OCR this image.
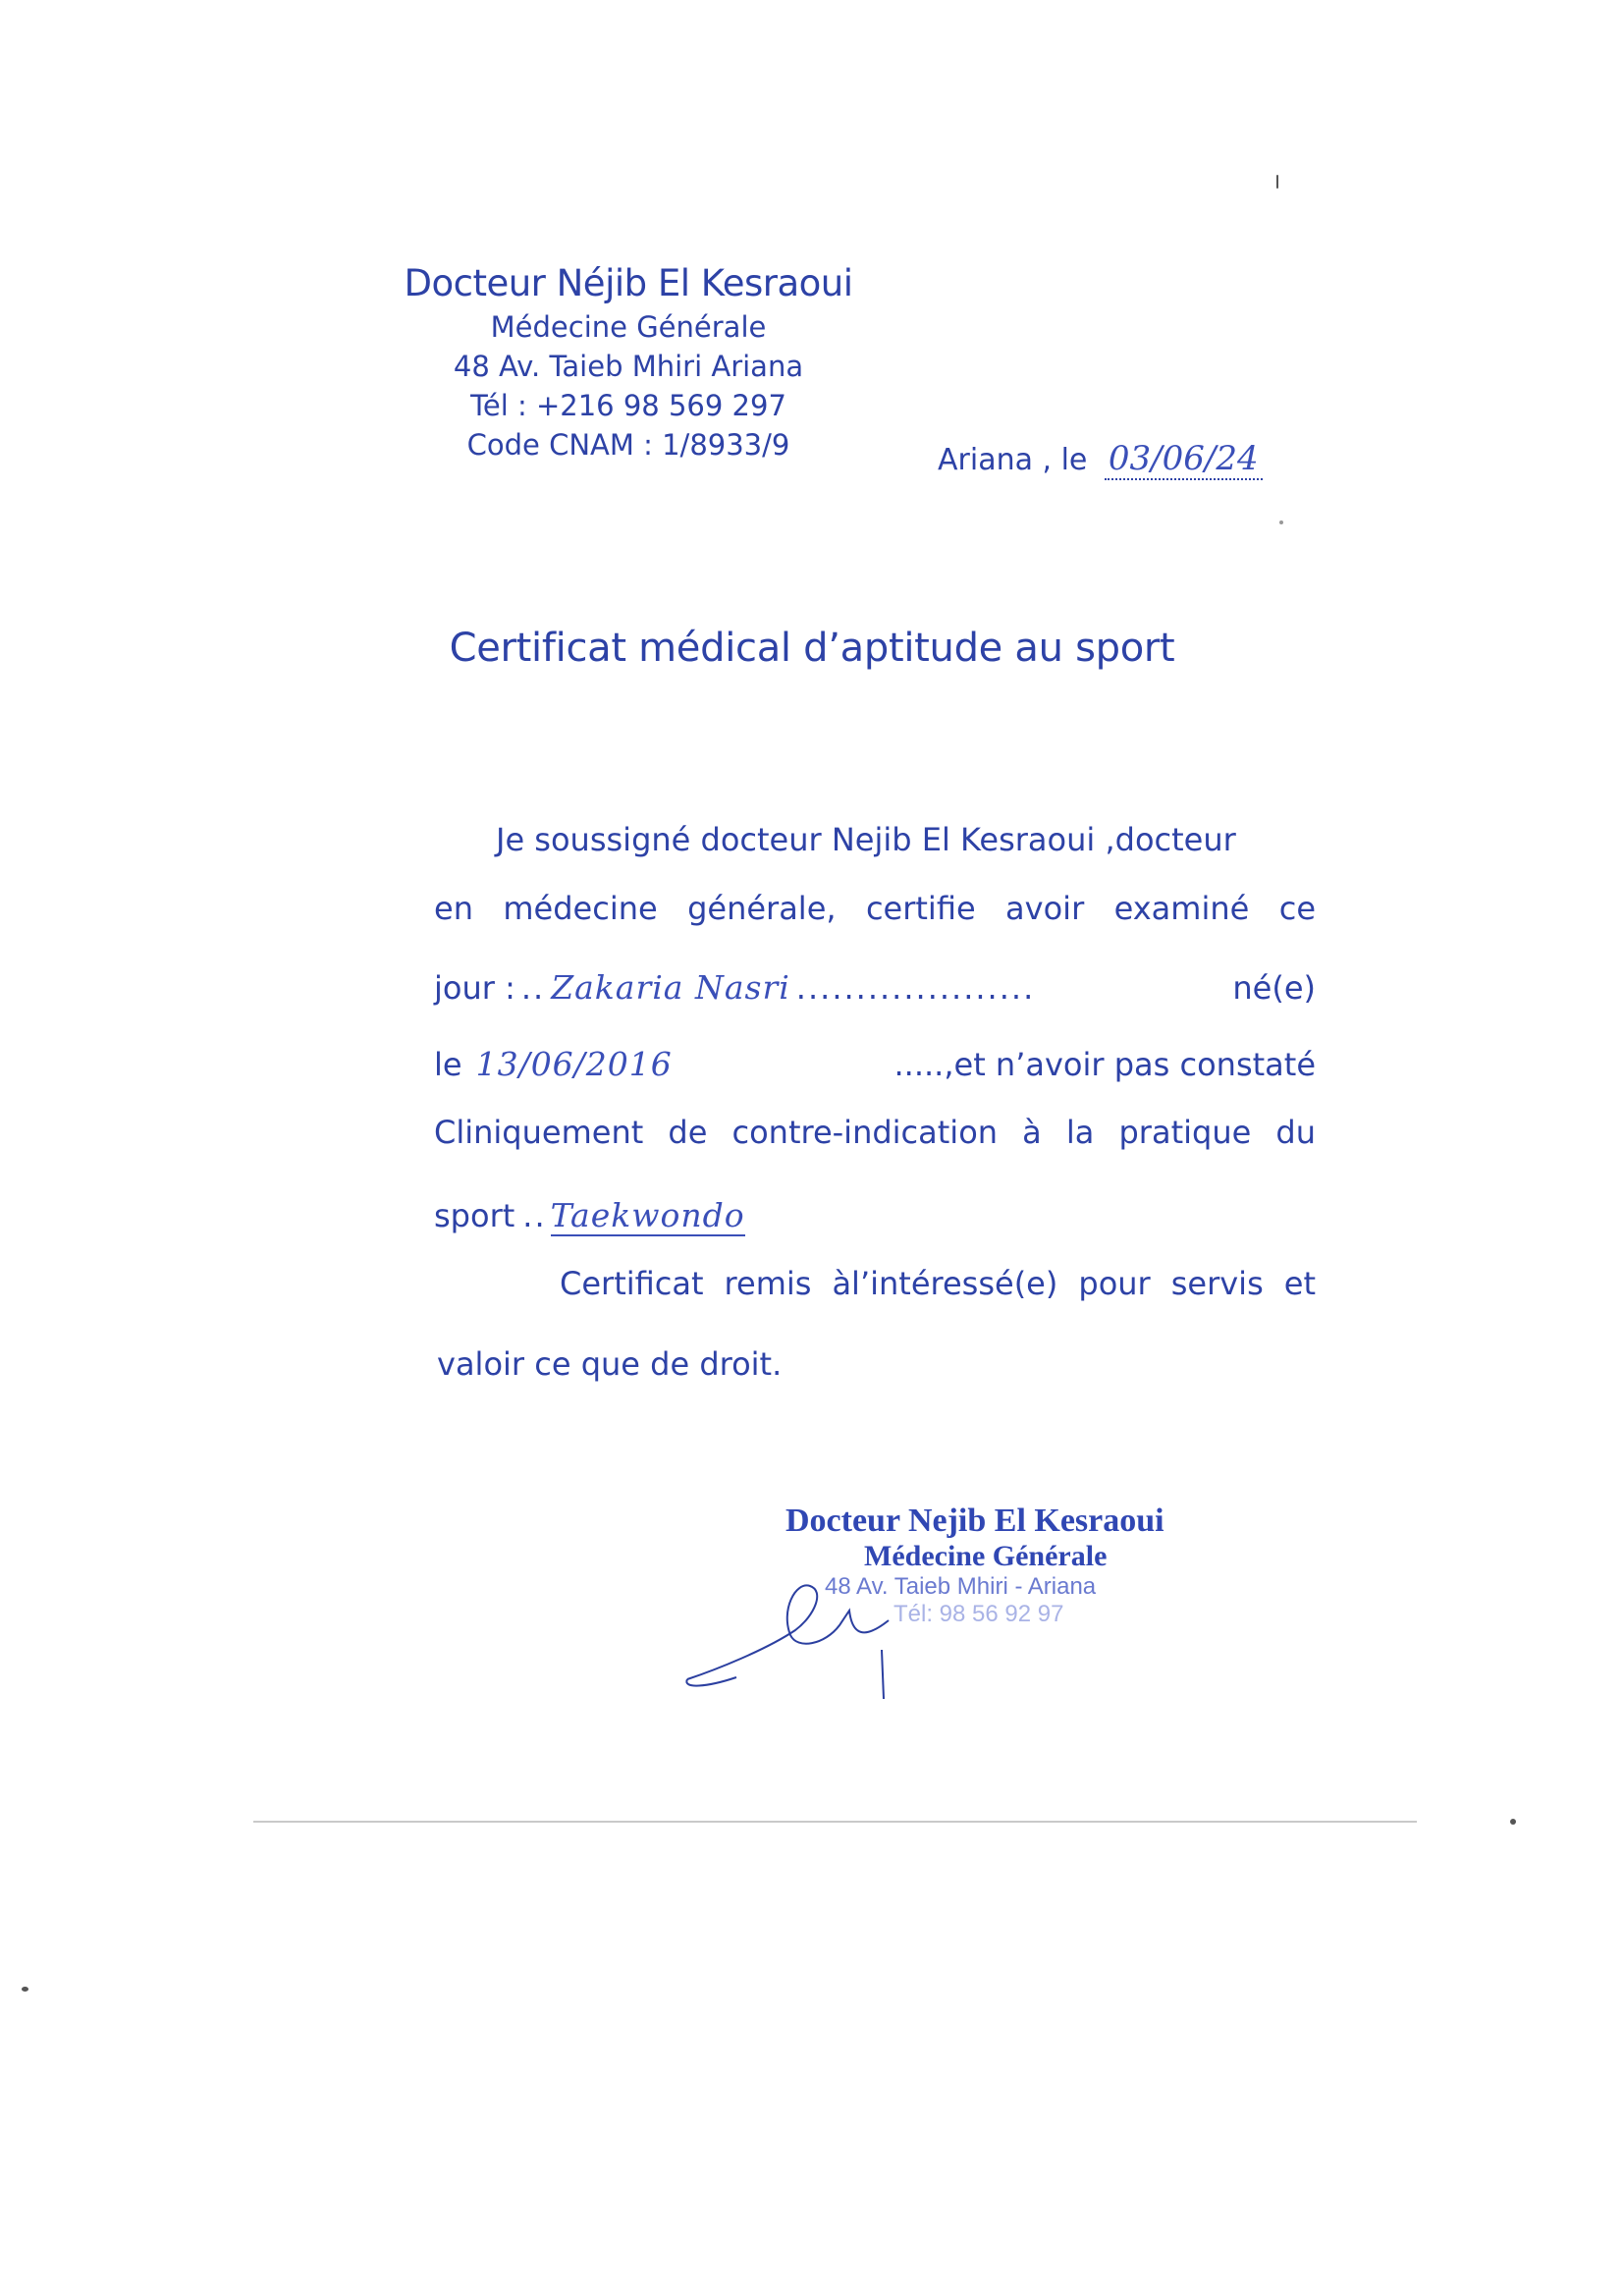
Docteur Néjib El Kesraoui
Médecine Générale
48 Av. Taieb Mhiri Ariana
Tél : +216 98 569 297
Code CNAM : 1/8933/9	Ariana , le 03/06/24
Certificat médical d’aptitude au sport
Je soussigné docteur Nejib El Kesraoui ,docteur
en médecine générale, certifie avoir examiné ce
jour : .. Zakaria Nasri ....................	né(e)
le 13/06/2016	.....,et n’avoir pas constaté
Cliniquement de contre-indication à la pratique du
sport .. Taekwondo
Certificat remis àl’intéressé(e) pour servis et
valoir ce que de droit.
Docteur Nejib El Kesraoui
Médecine Générale
48 Av. Taieb Mhiri - Ariana
Tél: 98 56 92 97
